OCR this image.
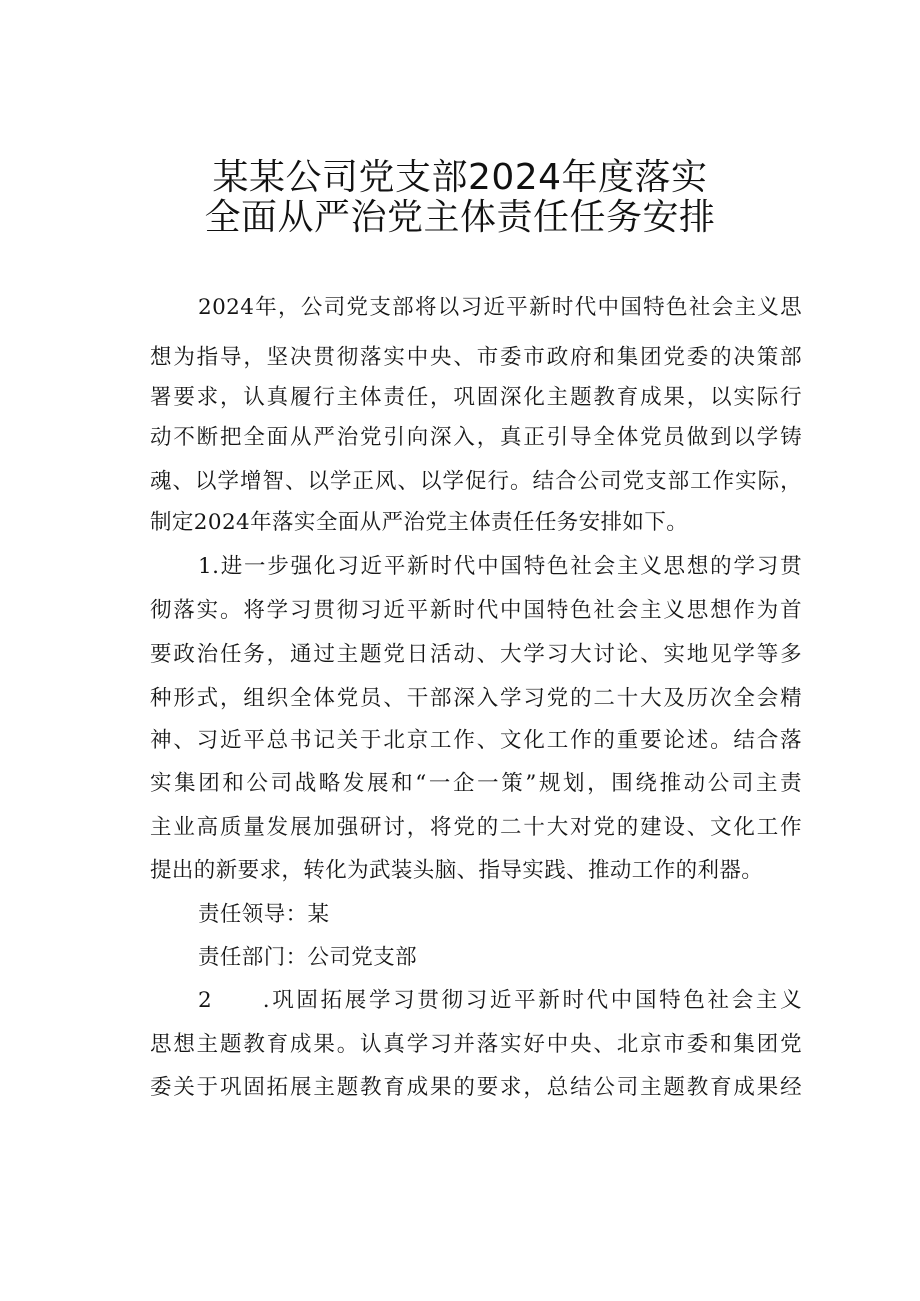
某某公司党支部2024年度落实
全面从严治党主体责任任务安排
2024年，公司党支部将以习近平新时代中国特色社会主义思
想为指导，坚决贯彻落实中央、市委市政府和集团党委的决策部
署要求，认真履行主体责任，巩固深化主题教育成果，以实际行
动不断把全面从严治党引向深入，真正引导全体党员做到以学铸
魂、以学增智、以学正风、以学促行。结合公司党支部工作实际，
制定2024年落实全面从严治党主体责任任务安排如下。
1.进一步强化习近平新时代中国特色社会主义思想的学习贯
彻落实。将学习贯彻习近平新时代中国特色社会主义思想作为首
要政治任务，通过主题党日活动、大学习大讨论、实地见学等多
种形式，组织全体党员、干部深入学习党的二十大及历次全会精
神、习近平总书记关于北京工作、文化工作的重要论述。结合落
实集团和公司战略发展和“一企一策”规划，围绕推动公司主责
主业高质量发展加强研讨，将党的二十大对党的建设、文化工作
提出的新要求，转化为武装头脑、指导实践、推动工作的利器。
责任领导：某
责任部门：公司党支部
2　　.巩固拓展学习贯彻习近平新时代中国特色社会主义
思想主题教育成果。认真学习并落实好中央、北京市委和集团党
委关于巩固拓展主题教育成果的要求，总结公司主题教育成果经
